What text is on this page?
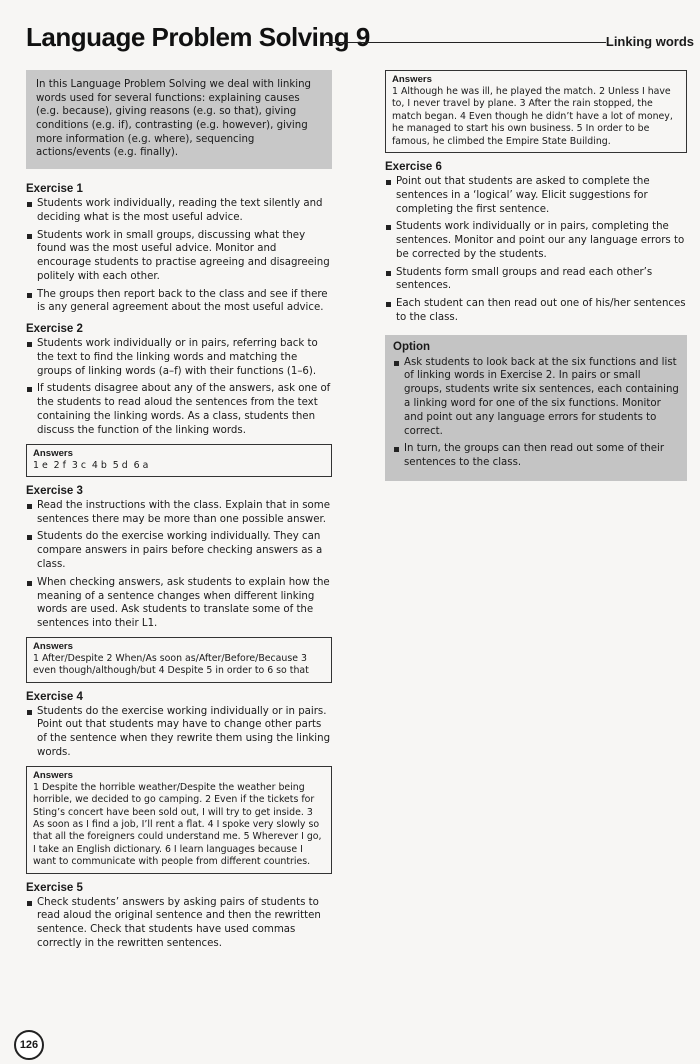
Language Problem Solving 9	Linking words
In this Language Problem Solving we deal with linking words used for several functions: explaining causes (e.g. because), giving reasons (e.g. so that), giving conditions (e.g. if), contrasting (e.g. however), giving more information (e.g. where), sequencing actions/events (e.g. finally).
Exercise 1
Students work individually, reading the text silently and deciding what is the most useful advice.
Students work in small groups, discussing what they found was the most useful advice. Monitor and encourage students to practise agreeing and disagreeing politely with each other.
The groups then report back to the class and see if there is any general agreement about the most useful advice.
Exercise 2
Students work individually or in pairs, referring back to the text to find the linking words and matching the groups of linking words (a–f) with their functions (1–6).
If students disagree about any of the answers, ask one of the students to read aloud the sentences from the text containing the linking words. As a class, students then discuss the function of the linking words.
Answers

1 e  2 f  3 c  4 b  5 d  6 a

Exercise 3
Read the instructions with the class. Explain that in some sentences there may be more than one possible answer.
Students do the exercise working individually. They can compare answers in pairs before checking answers as a class.
When checking answers, ask students to explain how the meaning of a sentence changes when different linking words are used. Ask students to translate some of the sentences into their L1.
Answers

1 After/Despite 2 When/As soon as/After/Before/Because 3 even though/although/but 4 Despite 5 in order to 6 so that

Exercise 4
Students do the exercise working individually or in pairs. Point out that students may have to change other parts of the sentence when they rewrite them using the linking words.
Answers

1 Despite the horrible weather/Despite the weather being horrible, we decided to go camping. 2 Even if the tickets for Sting’s concert have been sold out, I will try to get inside. 3 As soon as I find a job, I’ll rent a flat. 4 I spoke very slowly so that all the foreigners could understand me. 5 Wherever I go, I take an English dictionary. 6 I learn languages because I want to communicate with people from different countries.

Exercise 5
Check students’ answers by asking pairs of students to read aloud the original sentence and then the rewritten sentence. Check that students have used commas correctly in the rewritten sentences.
Answers

1 Although he was ill, he played the match. 2 Unless I have to, I never travel by plane. 3 After the rain stopped, the match began. 4 Even though he didn’t have a lot of money, he managed to start his own business. 5 In order to be famous, he climbed the Empire State Building.

Exercise 6
Point out that students are asked to complete the sentences in a ‘logical’ way. Elicit suggestions for completing the first sentence.
Students work individually or in pairs, completing the sentences. Monitor and point our any language errors to be corrected by the students.
Students form small groups and read each other’s sentences.
Each student can then read out one of his/her sentences to the class.
Option
Ask students to look back at the six functions and list of linking words in Exercise 2. In pairs or small groups, students write six sentences, each containing a linking word for one of the six functions. Monitor and point out any language errors for students to correct.
In turn, the groups can then read out some of their sentences to the class.
126
